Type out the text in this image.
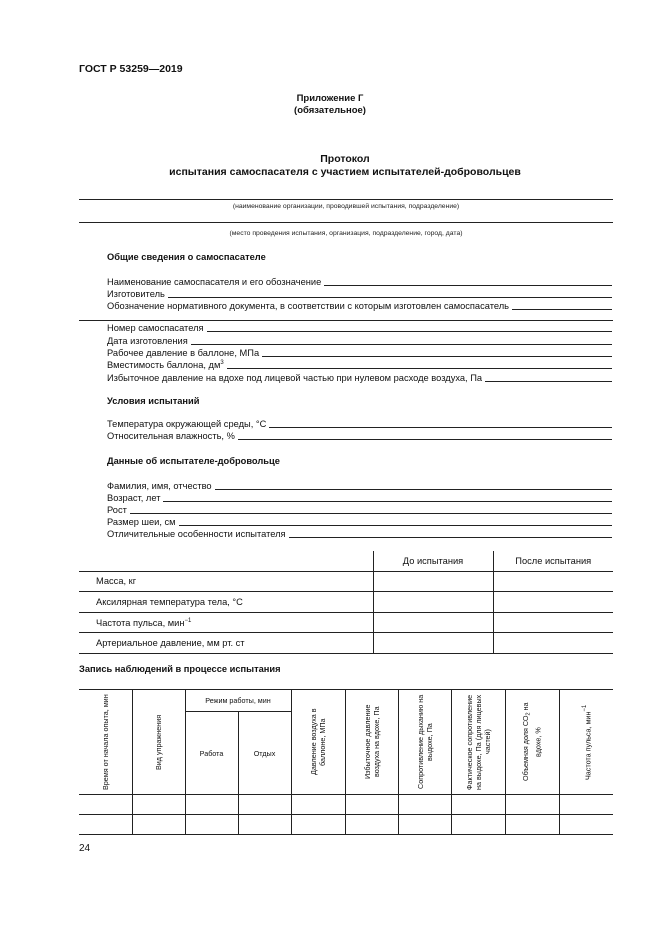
ГОСТ Р 53259—2019
Приложение Г
(обязательное)
Протокол
испытания самоспасателя с участием испытателей-добровольцев
(наименование организации, проводившей испытания, подразделение)
(место проведения испытания, организация, подразделение, город, дата)
Общие сведения о самоспасателе
Наименование самоспасателя и его обозначение
Изготовитель
Обозначение нормативного документа, в соответствии с которым изготовлен самоспасатель
Номер самоспасателя
Дата изготовления
Рабочее давление в баллоне, МПа
Вместимость баллона, $дм^3$
Избыточное давление на вдохе под лицевой частью при нулевом расходе воздуха, Па
Условия испытаний
Температура окружающей среды, °С
Относительная влажность, %
Данные об испытателе-добровольце
Фамилия, имя, отчество
Возраст, лет
Рост
Размер шеи, см
Отличительные особенности испытателя
	До испытания	После испытания
Масса, кг		
Аксилярная температура тела, °С		
Частота пульса, мин$^{-1}$		
Артериальное давление, мм рт. ст		
Запись наблюдений в процессе испытания
Время от начала опыта, мин	Вид упражнения	Режим работы, мин		Давление воздуха в баллоне, МПа	Избыточное давление воздуха на вдохе, Па	Сопротивление дыханию на выдохе, Па	Фактическое сопротивление на выдохе, Па (для лицевых частей)	Объемная доля $СО_2$ на вдохе, %	Частота пульса, мин$^{-1}$

		Работа	Отдых						

24
